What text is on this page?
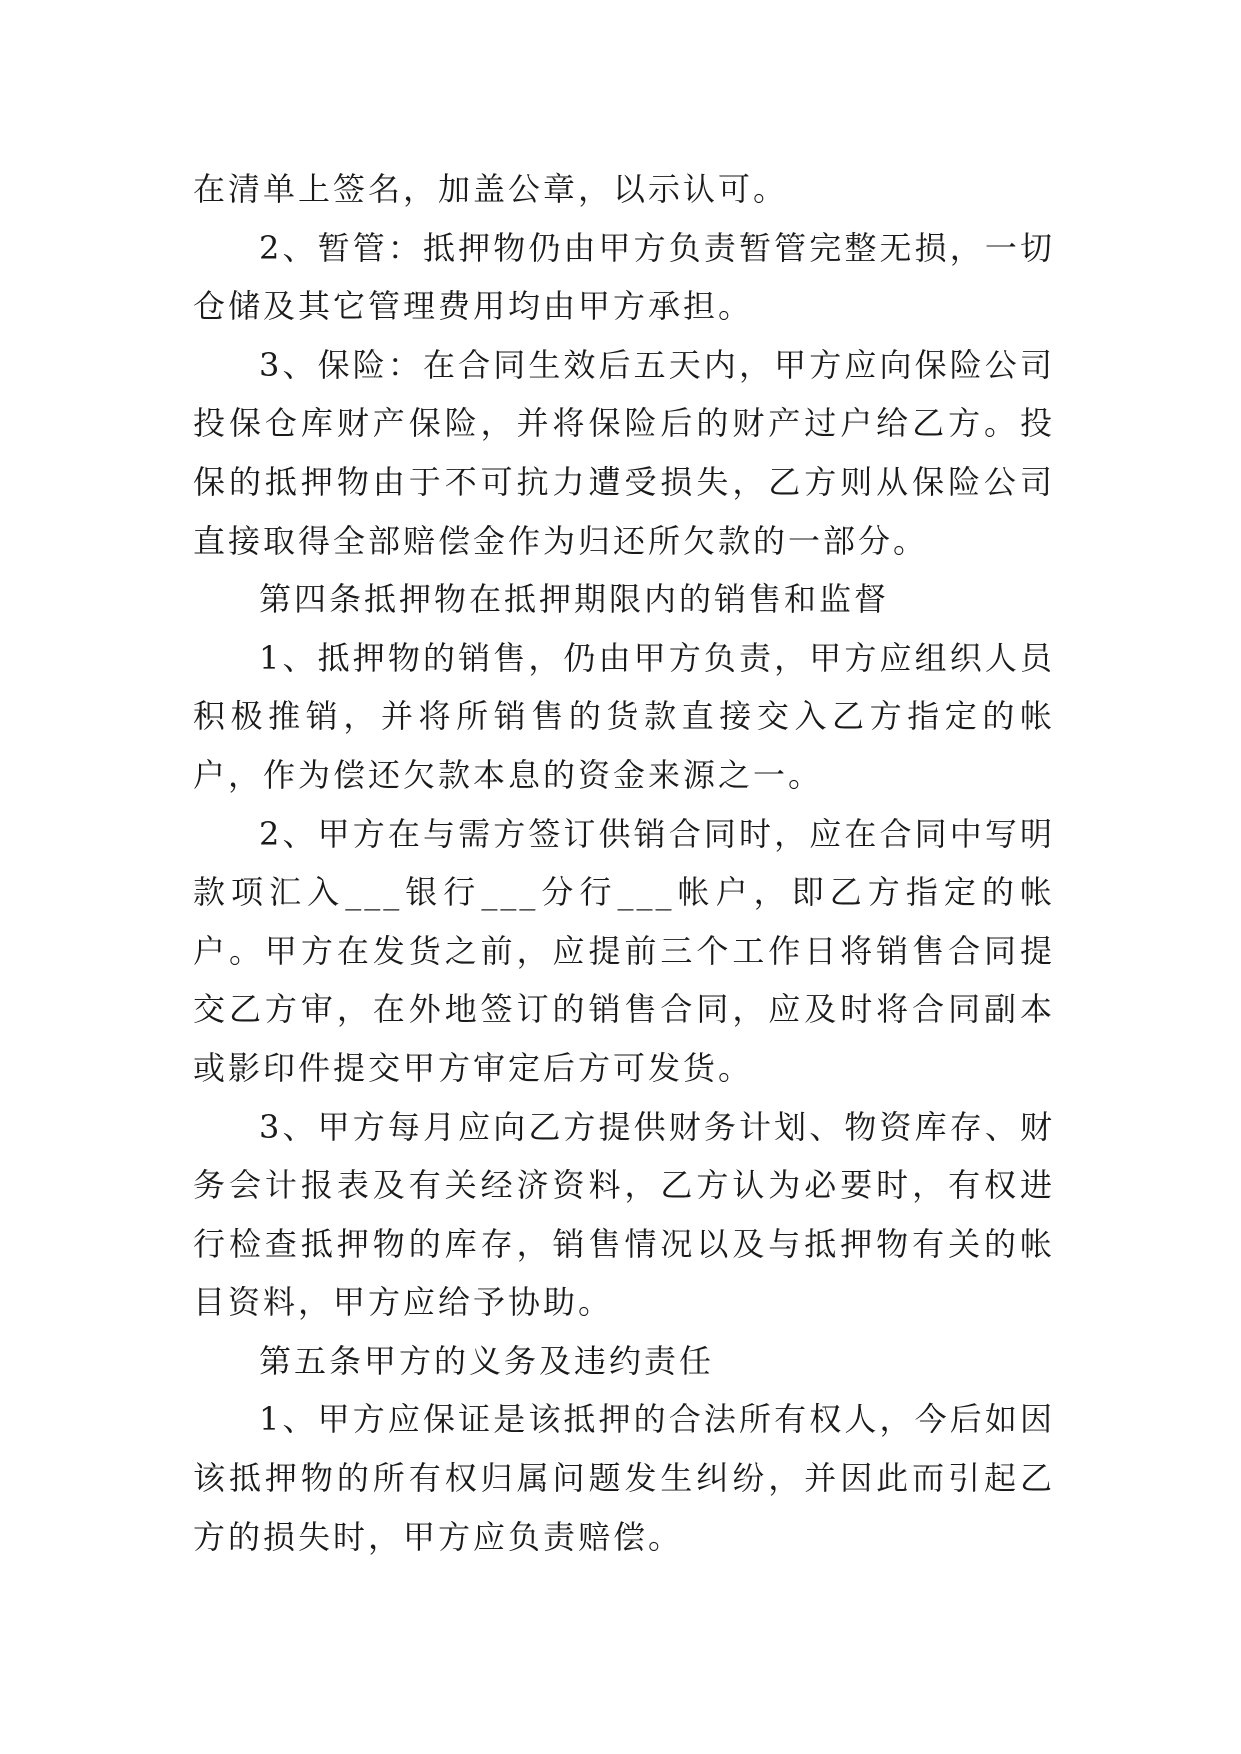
在清单上签名，加盖公章，以示认可。

2、暂管：抵押物仍由甲方负责暂管完整无损，一切仓储及其它管理费用均由甲方承担。

3、保险：在合同生效后五天内，甲方应向保险公司投保仓库财产保险，并将保险后的财产过户给乙方。投保的抵押物由于不可抗力遭受损失，乙方则从保险公司直接取得全部赔偿金作为归还所欠款的一部分。

第四条抵押物在抵押期限内的销售和监督

1、抵押物的销售，仍由甲方负责，甲方应组织人员积极推销，并将所销售的货款直接交入乙方指定的帐户，作为偿还欠款本息的资金来源之一。

2、甲方在与需方签订供销合同时，应在合同中写明款项汇入___银行___分行___帐户，即乙方指定的帐户。甲方在发货之前，应提前三个工作日将销售合同提交乙方审，在外地签订的销售合同，应及时将合同副本或影印件提交甲方审定后方可发货。

3、甲方每月应向乙方提供财务计划、物资库存、财务会计报表及有关经济资料，乙方认为必要时，有权进行检查抵押物的库存，销售情况以及与抵押物有关的帐目资料，甲方应给予协助。

第五条甲方的义务及违约责任

1、甲方应保证是该抵押的合法所有权人，今后如因该抵押物的所有权归属问题发生纠纷，并因此而引起乙方的损失时，甲方应负责赔偿。
